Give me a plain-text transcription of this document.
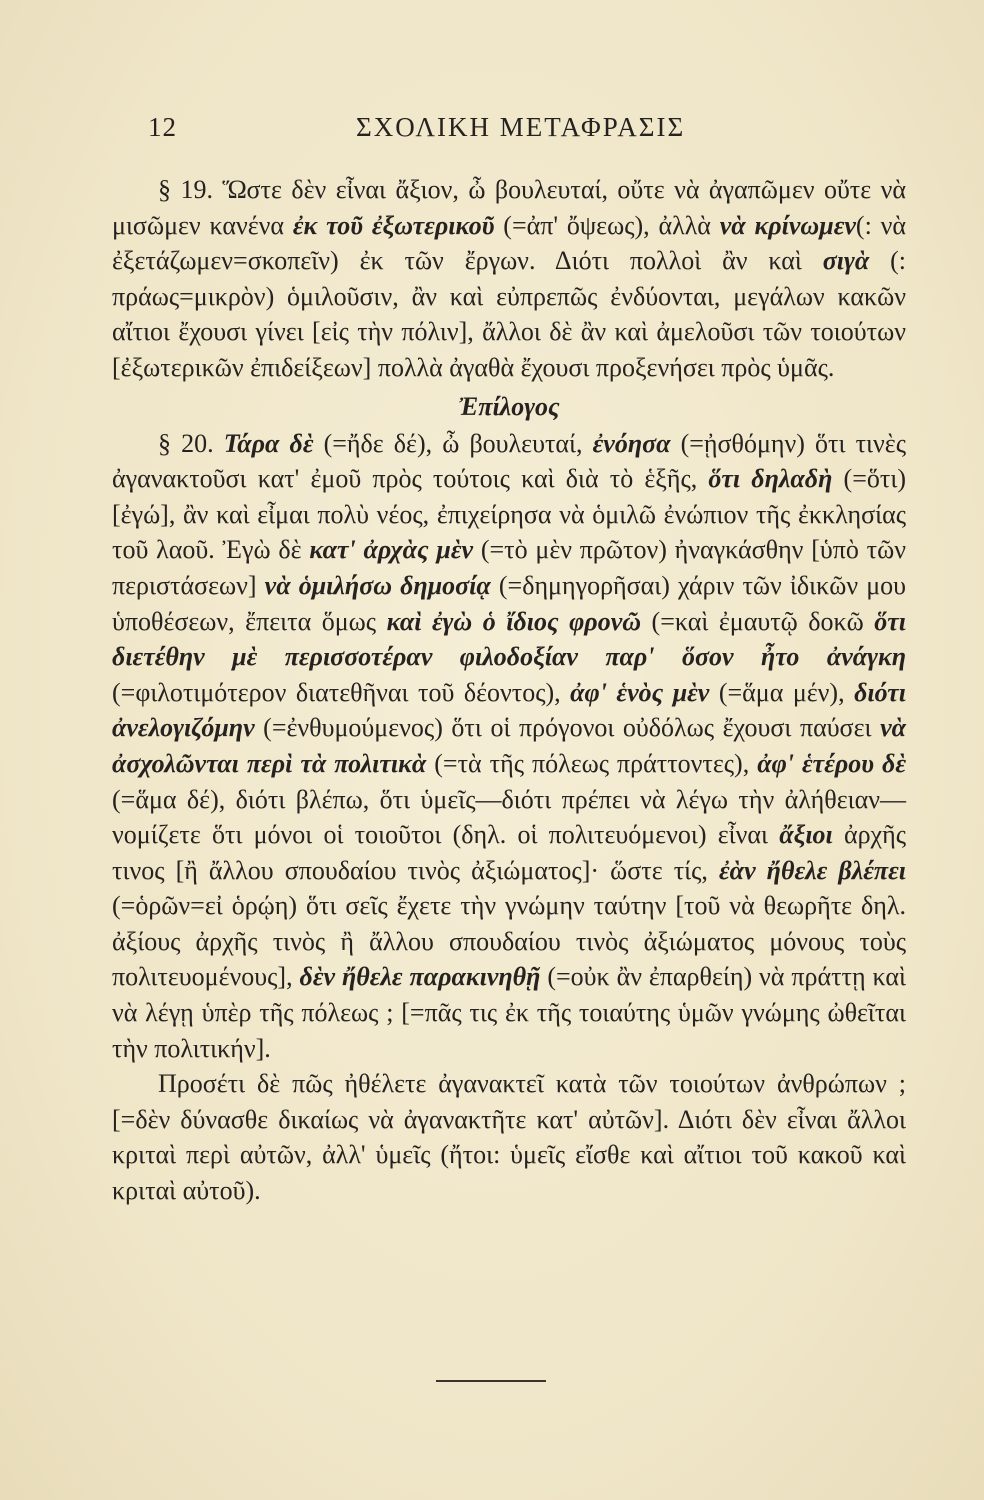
12	ΣΧΟΛΙΚΗ ΜΕΤΑΦΡΑΣΙΣ

§ 19. Ὥστε δὲν εἶναι ἄξιον, ὦ βουλευταί, οὔτε νὰ ἀγαπῶμεν οὔτε νὰ μισῶμεν κανένα ἐκ τοῦ ἐξωτερικοῦ (=ἀπ' ὄψεως), ἀλλὰ νὰ κρίνωμεν(: νὰ ἐξετάζωμεν=σκοπεῖν) ἐκ τῶν ἔργων. Διότι πολλοὶ ἂν καὶ σιγὰ (: πράως=μικρὸν) ὁμιλοῦσιν, ἂν καὶ εὐπρεπῶς ἐνδύονται, μεγάλων κακῶν αἴτιοι ἔχουσι γίνει [εἰς τὴν πόλιν], ἄλλοι δὲ ἂν καὶ ἀμελοῦσι τῶν τοιούτων [ἐξωτερικῶν ἐπιδείξεων] πολλὰ ἀγαθὰ ἔχουσι προξενήσει πρὸς ὑμᾶς.

Ἐπίλογος

§ 20. Τάρα δὲ (=ἤδε δέ), ὦ βουλευταί, ἐνόησα (=ᾐσθόμην) ὅτι τινὲς ἀγανακτοῦσι κατ' ἐμοῦ πρὸς τούτοις καὶ διὰ τὸ ἑξῆς, ὅτι δηλαδὴ (=ὅτι) [ἐγώ], ἂν καὶ εἶμαι πολὺ νέος, ἐπιχείρησα νὰ ὁμιλῶ ἐνώπιον τῆς ἐκκλησίας τοῦ λαοῦ. Ἐγὼ δὲ κατ' ἀρχὰς μὲν (=τὸ μὲν πρῶτον) ἠναγκάσθην [ὑπὸ τῶν περιστάσεων] νὰ ὁμιλήσω δημοσίᾳ (=δημηγορῆσαι) χάριν τῶν ἰδικῶν μου ὑποθέσεων, ἔπειτα ὅμως καὶ ἐγὼ ὁ ἴδιος φρονῶ (=καὶ ἐμαυτῷ δοκῶ ὅτι διετέθην μὲ περισσοτέραν φιλοδοξίαν παρ' ὅσον ἦτο ἀνάγκη (=φιλοτιμότερον διατεθῆναι τοῦ δέοντος), ἀφ' ἑνὸς μὲν (=ἅμα μέν), διότι ἀνελογιζόμην (=ἐνθυμούμενος) ὅτι οἱ πρόγονοι οὐδόλως ἔχουσι παύσει νὰ ἀσχολῶνται περὶ τὰ πολιτικὰ (=τὰ τῆς πόλεως πράττοντες), ἀφ' ἑτέρου δὲ (=ἅμα δέ), διότι βλέπω, ὅτι ὑμεῖς—διότι πρέπει νὰ λέγω τὴν ἀλήθειαν—νομίζετε ὅτι μόνοι οἱ τοιοῦτοι (δηλ. οἱ πολιτευόμενοι) εἶναι ἄξιοι ἀρχῆς τινος [ἢ ἄλλου σπουδαίου τινὸς ἀξιώματος]· ὥστε τίς, ἐὰν ἤθελε βλέπει (=ὁρῶν=εἰ ὁρῴη) ὅτι σεῖς ἔχετε τὴν γνώμην ταύτην [τοῦ νὰ θεωρῆτε δηλ. ἀξίους ἀρχῆς τινὸς ἢ ἄλλου σπουδαίου τινὸς ἀξιώματος μόνους τοὺς πολιτευομένους], δὲν ἤθελε παρακινηθῇ (=οὐκ ἂν ἐπαρθείη) νὰ πράττῃ καὶ νὰ λέγῃ ὑπὲρ τῆς πόλεως ; [=πᾶς τις ἐκ τῆς τοιαύτης ὑμῶν γνώμης ὠθεῖται τὴν πολιτικήν].

Προσέτι δὲ πῶς ἠθέλετε ἀγανακτεῖ κατὰ τῶν τοιούτων ἀνθρώπων ; [=δὲν δύνασθε δικαίως νὰ ἀγανακτῆτε κατ' αὐτῶν]. Διότι δὲν εἶναι ἄλλοι κριταὶ περὶ αὐτῶν, ἀλλ' ὑμεῖς (ἤτοι: ὑμεῖς εἴσθε καὶ αἴτιοι τοῦ κακοῦ καὶ κριταὶ αὐτοῦ).
